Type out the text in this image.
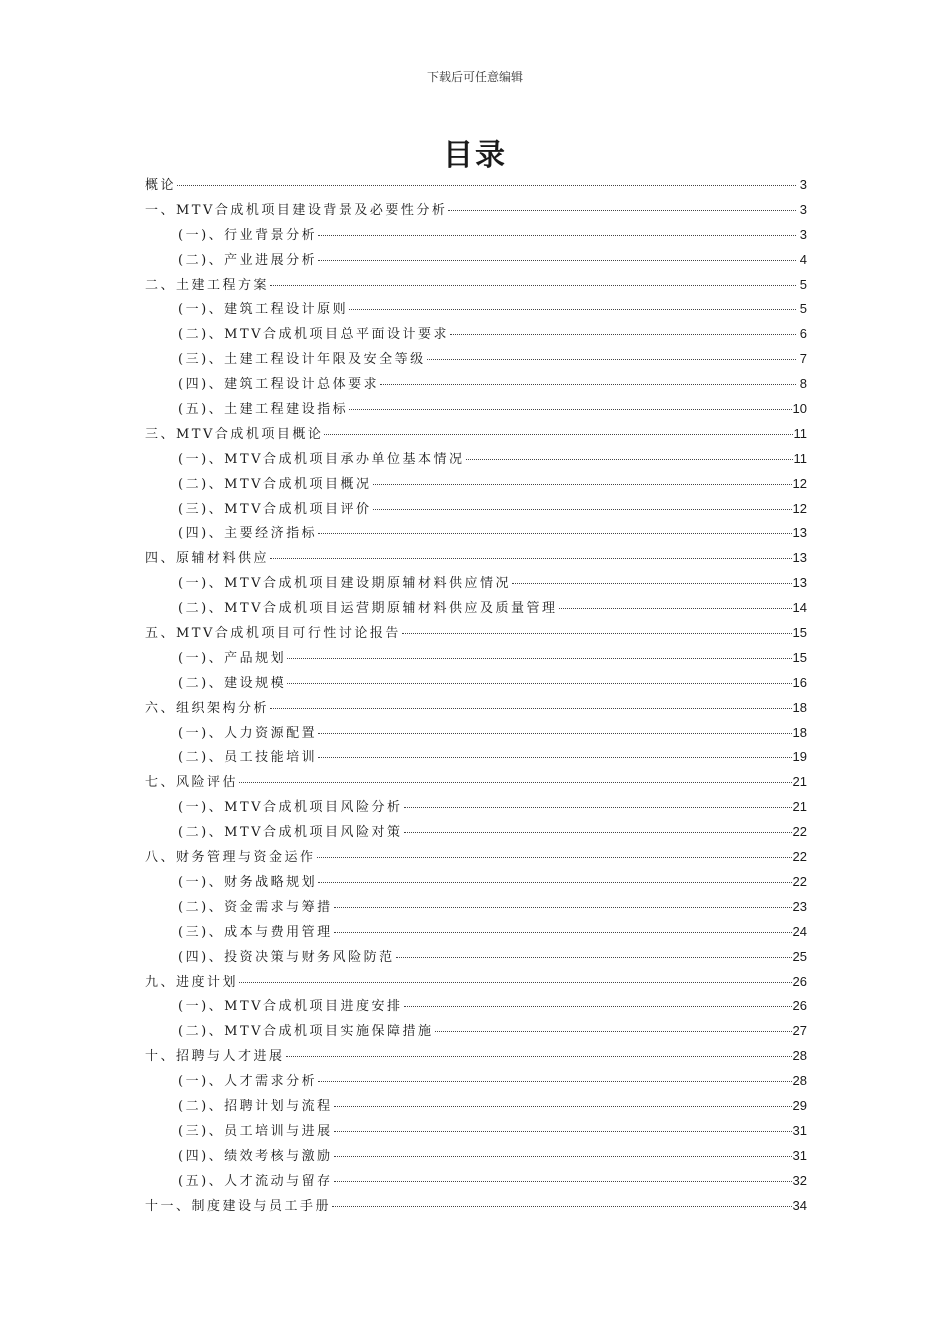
下载后可任意编辑
目录
概论	3
一、MTV合成机项目建设背景及必要性分析	3
(一)、行业背景分析	3
(二)、产业进展分析	4
二、土建工程方案	5
(一)、建筑工程设计原则	5
(二)、MTV合成机项目总平面设计要求	6
(三)、土建工程设计年限及安全等级	7
(四)、建筑工程设计总体要求	8
(五)、土建工程建设指标	10
三、MTV合成机项目概论	11
(一)、MTV合成机项目承办单位基本情况	11
(二)、MTV合成机项目概况	12
(三)、MTV合成机项目评价	12
(四)、主要经济指标	13
四、原辅材料供应	13
(一)、MTV合成机项目建设期原辅材料供应情况	13
(二)、MTV合成机项目运营期原辅材料供应及质量管理	14
五、MTV合成机项目可行性讨论报告	15
(一)、产品规划	15
(二)、建设规模	16
六、组织架构分析	18
(一)、人力资源配置	18
(二)、员工技能培训	19
七、风险评估	21
(一)、MTV合成机项目风险分析	21
(二)、MTV合成机项目风险对策	22
八、财务管理与资金运作	22
(一)、财务战略规划	22
(二)、资金需求与筹措	23
(三)、成本与费用管理	24
(四)、投资决策与财务风险防范	25
九、进度计划	26
(一)、MTV合成机项目进度安排	26
(二)、MTV合成机项目实施保障措施	27
十、招聘与人才进展	28
(一)、人才需求分析	28
(二)、招聘计划与流程	29
(三)、员工培训与进展	31
(四)、绩效考核与激励	31
(五)、人才流动与留存	32
十一、制度建设与员工手册	34
